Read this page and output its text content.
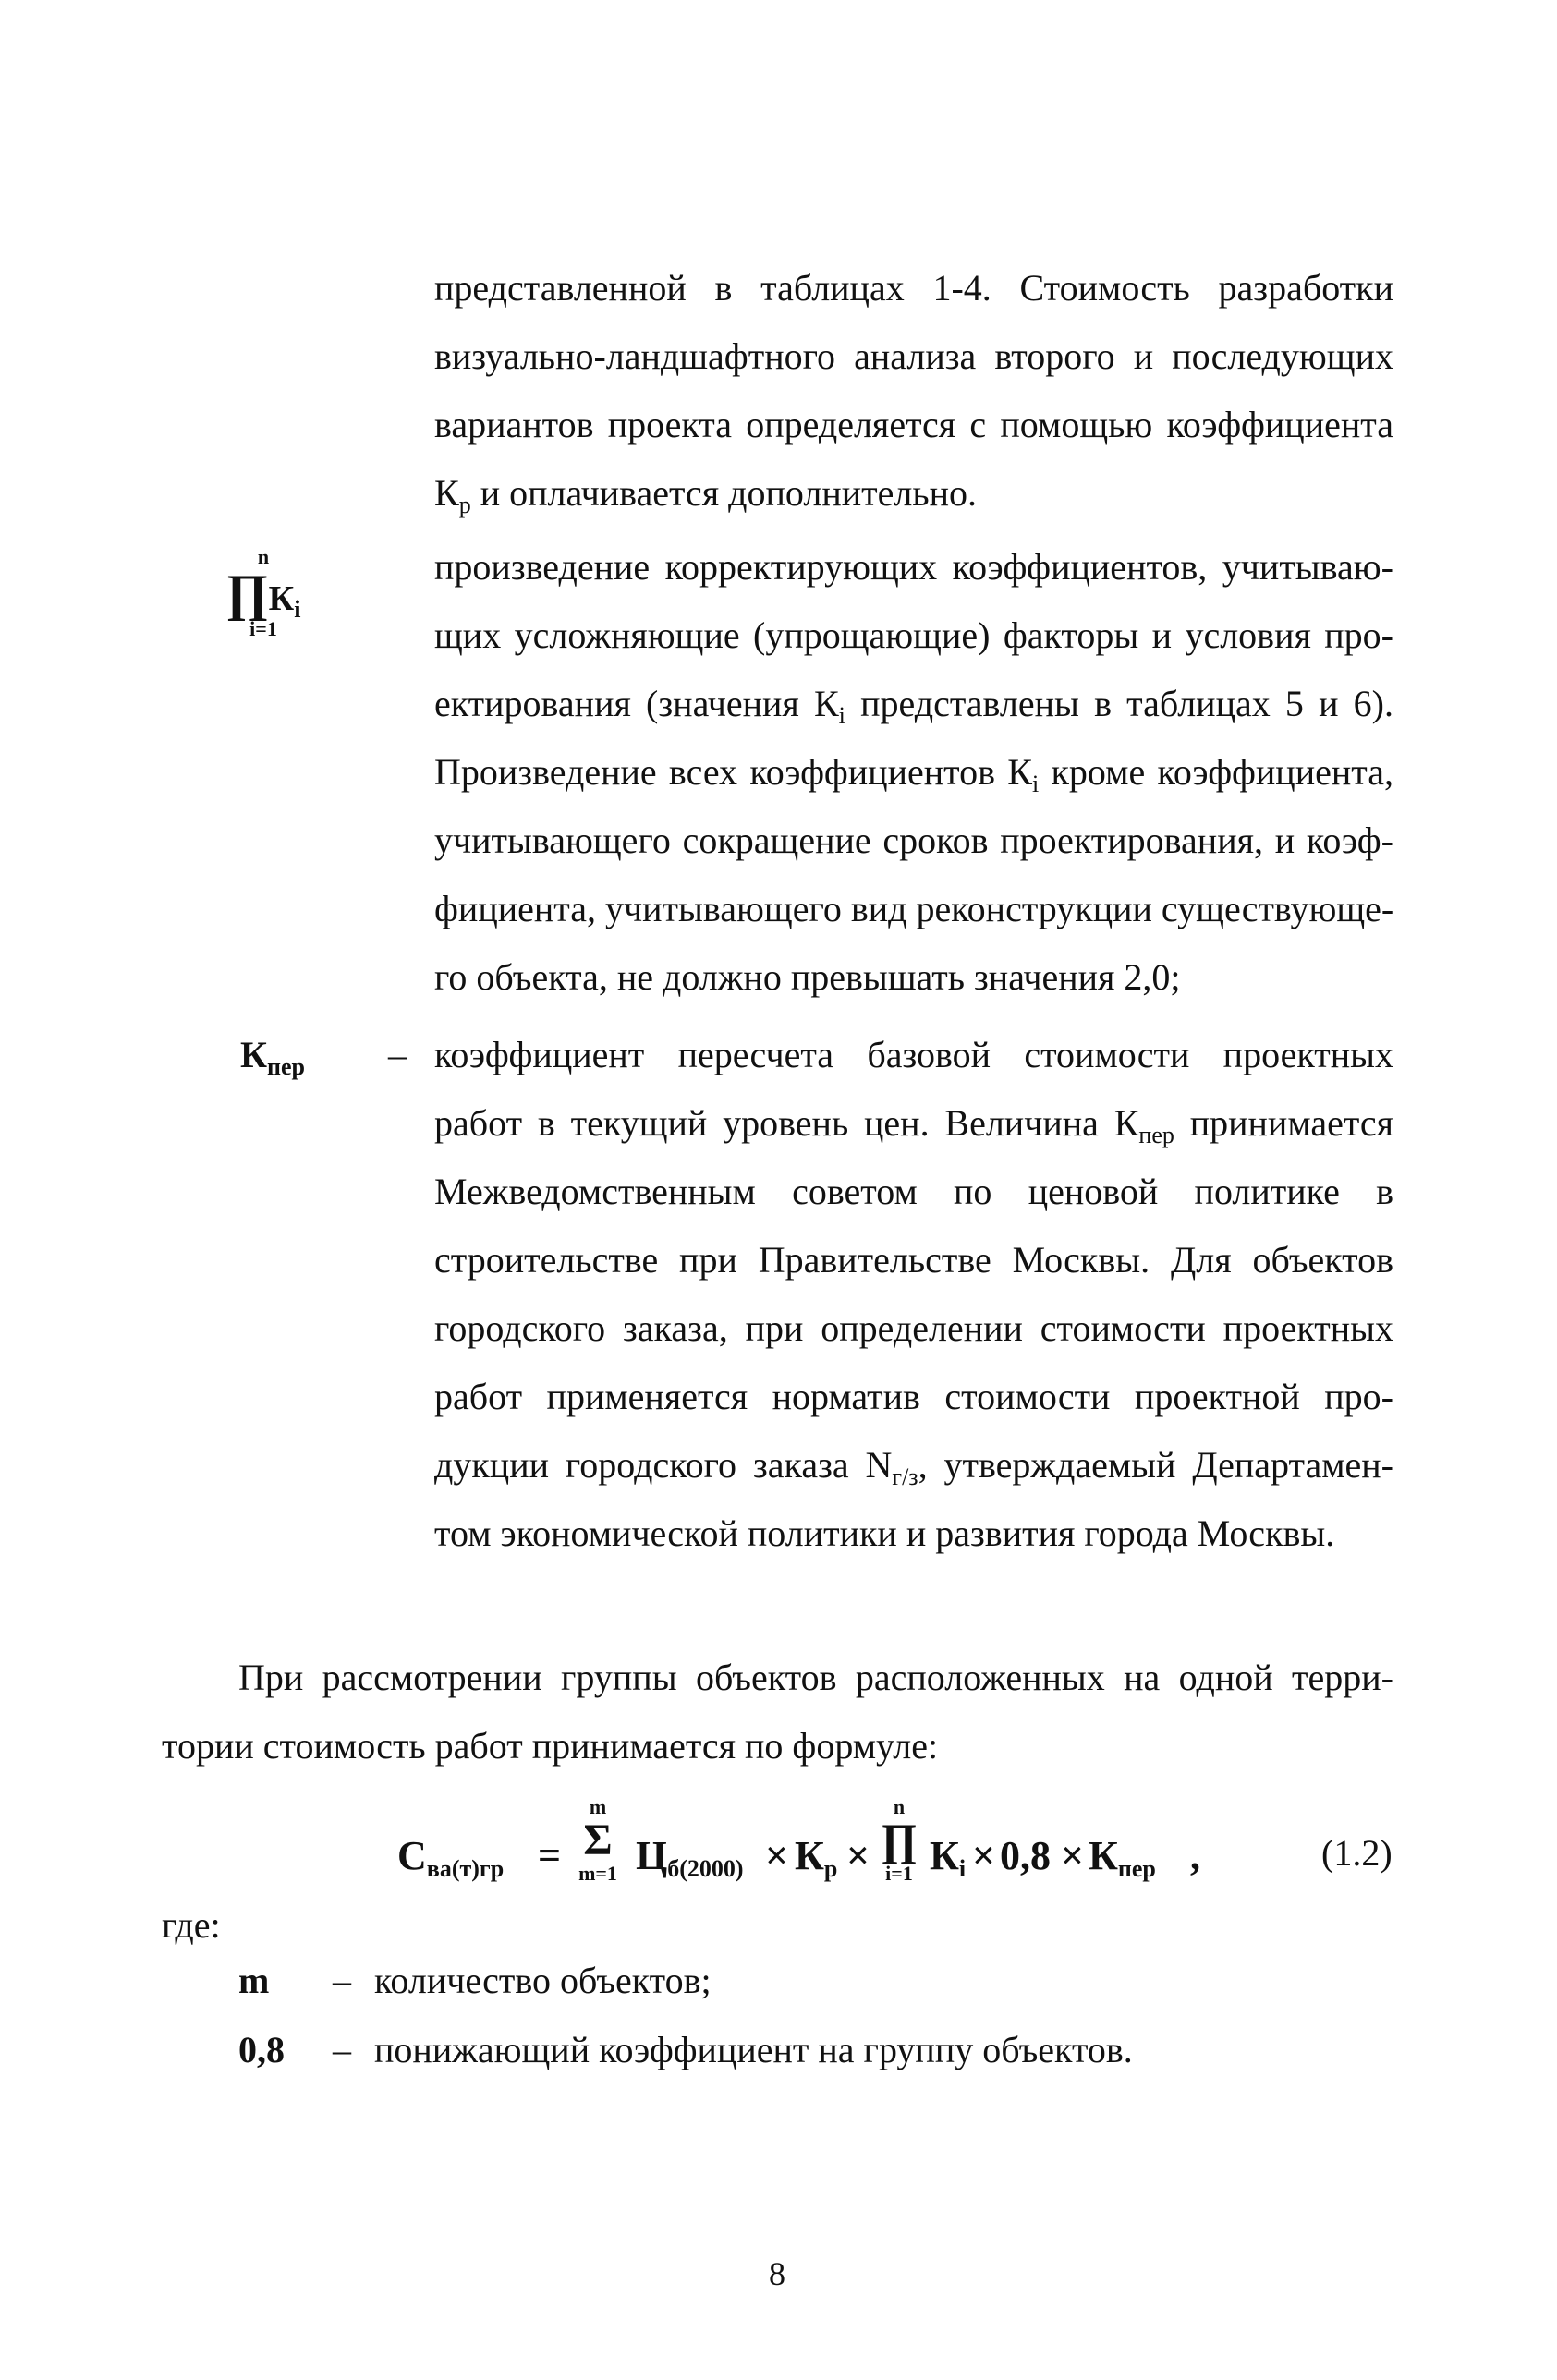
представленной в таблицах 1-4. Стоимость разработки
визуально-ландшафтного анализа второго и последующих
вариантов проекта определяется с помощью коэффициента
$К_р$ и оплачивается дополнительно.
n
$\prod К_i$
i=1
произведение корректирующих коэффициентов, учитываю-
щих усложняющие (упрощающие) факторы и условия про-
ектирования (значения $К_i$ представлены в таблицах 5 и 6).
Произведение всех коэффициентов $К_i$ кроме коэффициента,
учитывающего сокращение сроков проектирования, и коэф-
фициента, учитывающего вид реконструкции существующе-
го объекта, не должно превышать значения 2,0;
$К_{пер}$ – коэффициент пересчета базовой стоимости проектных
работ в текущий уровень цен. Величина $К_{пер}$ принимается
Межведомственным советом по ценовой политике в
строительстве при Правительстве Москвы. Для объектов
городского заказа, при определении стоимости проектных
работ применяется норматив стоимости проектной про-
дукции городского заказа $N_{г/з}$, утверждаемый Департамен-
том экономической политики и развития города Москвы.
При рассмотрении группы объектов расположенных на одной терри-
тории стоимость работ принимается по формуле:
$С_{ва(т)гр}$ =
m
Σ
m=1 $Ц_{б(2000)} \times К_р$ ×
n
∏
i=1 $К_i \times 0,8 \times К_{пер}$ ,	(1.2)
где:
m – количество объектов;
0,8 – понижающий коэффициент на группу объектов.
8
